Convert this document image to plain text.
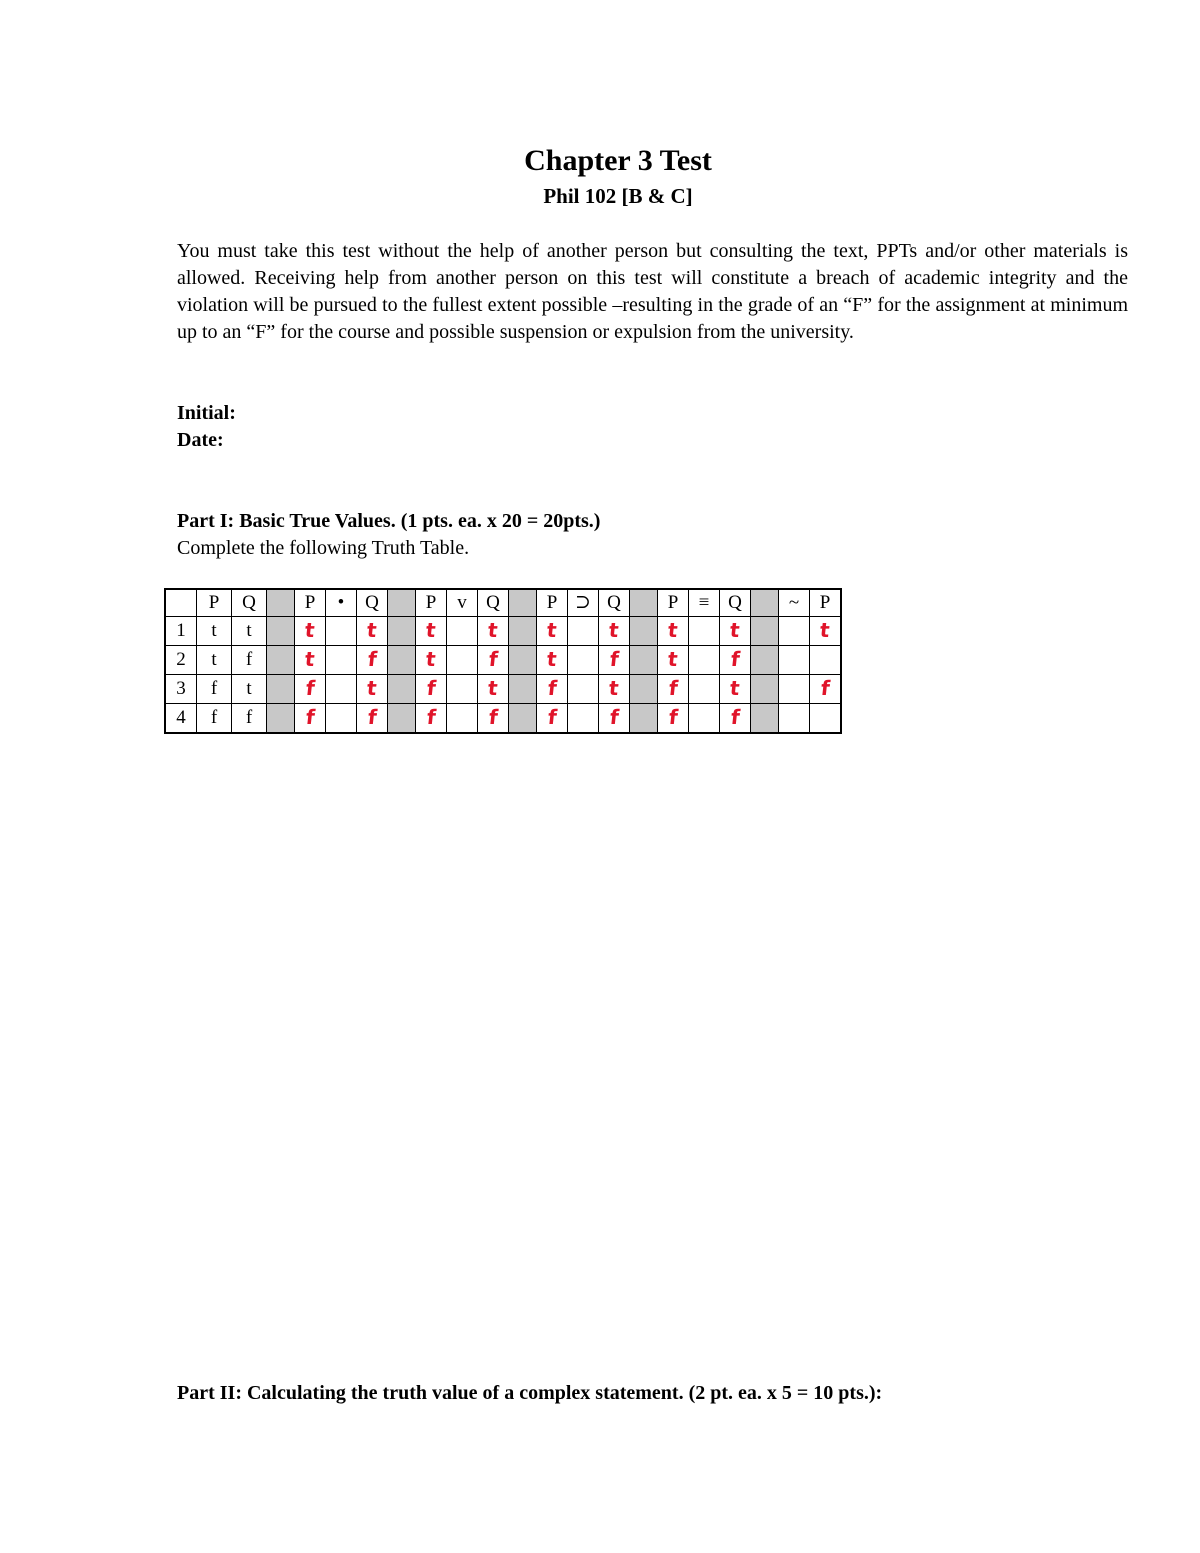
Chapter 3 Test
Phil 102 [B & C]

You must take this test without the help of another person but consulting the text, PPTs and/or other materials is allowed. Receiving help from another person on this test will constitute a breach of academic integrity and the violation will be pursued to the fullest extent possible –resulting in the grade of an “F” for the assignment at minimum up to an “F” for the course and possible suspension or expulsion from the university.

Initial:
Date:
Part I: Basic True Values. (1 pts. ea. x 20 = 20pts.)
Complete the following Truth Table.
	P	Q		P	•	Q		P	v	Q		P	⊃	Q		P	≡	Q		~	P
1	t	t		t		t		t		t		t		t		t		t			t
2	t	f		t		f		t		f		t		f		t		f			
3	f	t		f		t		f		t		f		t		f		t			f
4	f	f		f		f		f		f		f		f		f		f			
Part II: Calculating the truth value of a complex statement. (2 pt. ea. x 5 = 10 pts.):
